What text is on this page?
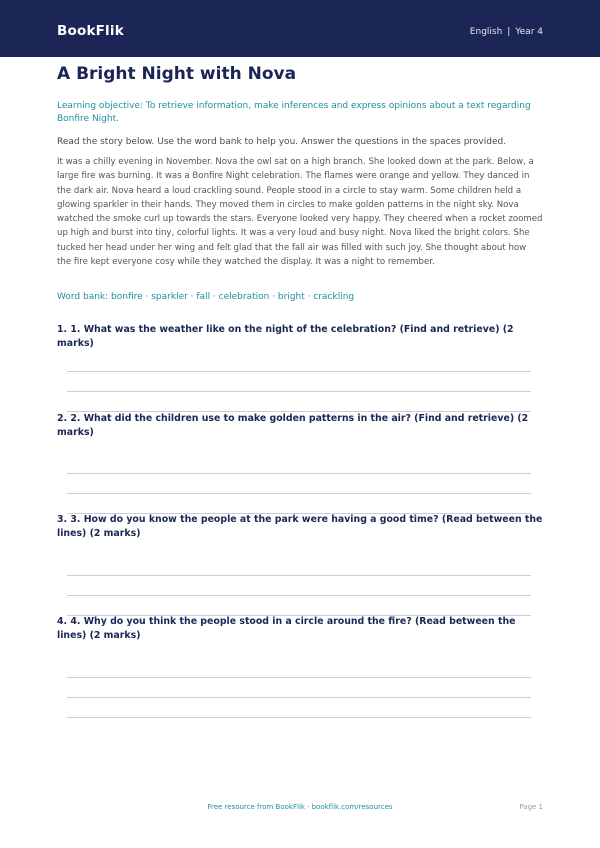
BookFlik	English | Year 4
A Bright Night with Nova
Learning objective: To retrieve information, make inferences and express opinions about a text regarding Bonfire Night.
Read the story below. Use the word bank to help you. Answer the questions in the spaces provided.
It was a chilly evening in November. Nova the owl sat on a high branch. She looked down at the park. Below, a large fire was burning. It was a Bonfire Night celebration. The flames were orange and yellow. They danced in the dark air. Nova heard a loud crackling sound. People stood in a circle to stay warm. Some children held a glowing sparkler in their hands. They moved them in circles to make golden patterns in the night sky. Nova watched the smoke curl up towards the stars. Everyone looked very happy. They cheered when a rocket zoomed up high and burst into tiny, colorful lights. It was a very loud and busy night. Nova liked the bright colors. She tucked her head under her wing and felt glad that the fall air was filled with such joy. She thought about how the fire kept everyone cosy while they watched the display. It was a night to remember.
Word bank: bonfire · sparkler · fall · celebration · bright · crackling
1. 1. What was the weather like on the night of the celebration? (Find and retrieve) (2 marks)
2. 2. What did the children use to make golden patterns in the air? (Find and retrieve) (2 marks)
3. 3. How do you know the people at the park were having a good time? (Read between the lines) (2 marks)
4. 4. Why do you think the people stood in a circle around the fire? (Read between the lines) (2 marks)
Free resource from BookFlik · bookflik.com/resources	Page 1
